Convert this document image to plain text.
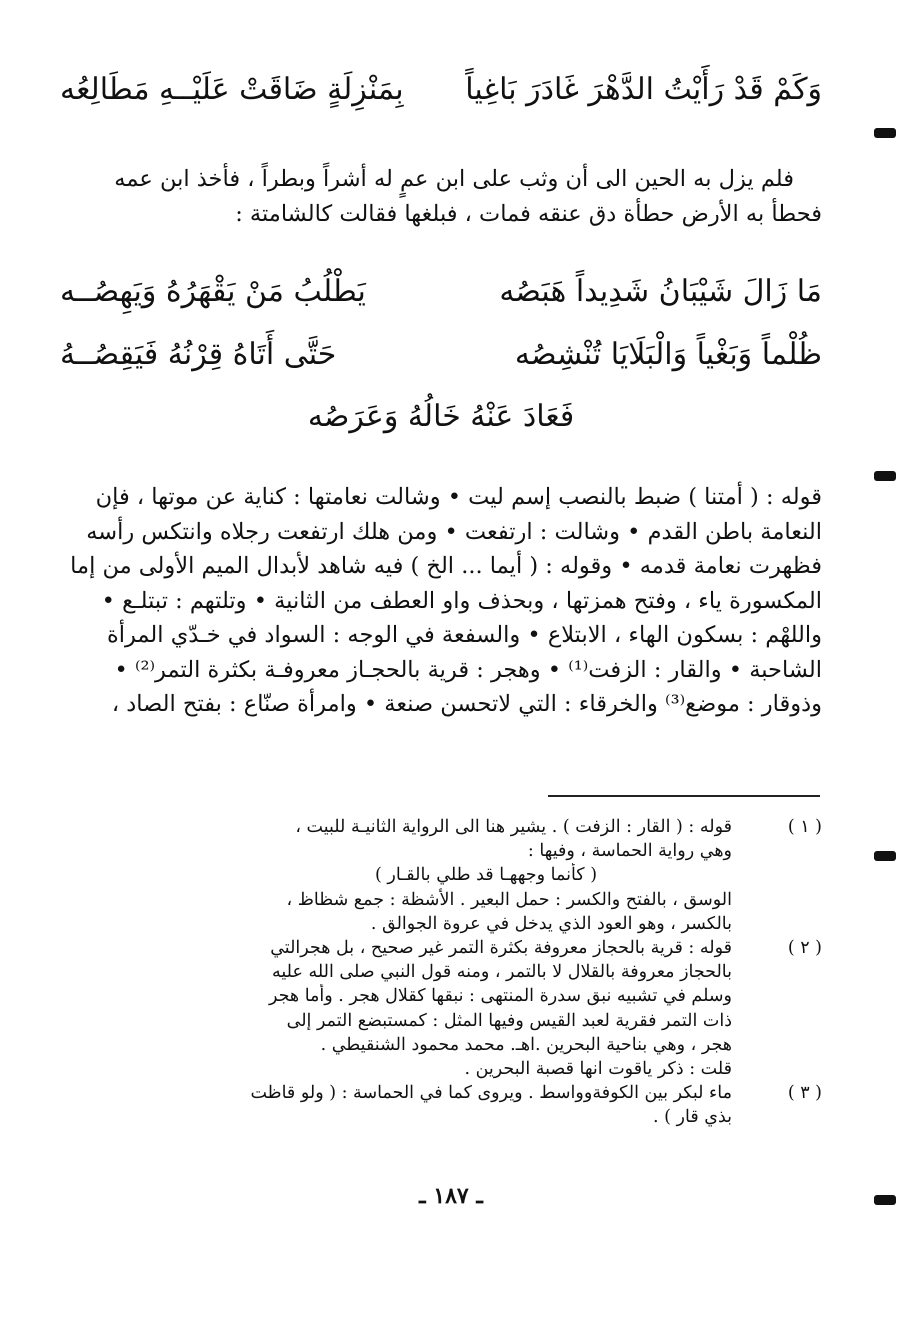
وَكَمْ قَدْ رَأَيْتُ الدَّهْرَ غَادَرَ بَاغِياً
بِمَنْزِلَةٍ ضَاقَتْ عَلَيْــهِ مَطَالِعُه

فلم يزل به الحين الى أن وثب على ابن عمٍ له أشراً وبطراً ، فأخذ ابن عمه

فحطأ به الأرض حطأة دق عنقه فمات ، فبلغها فقالت كالشامتة :

مَا زَالَ شَيْبَانُ شَدِيداً هَبَصُه
يَطْلُبُ مَنْ يَقْهَرُهُ وَيَهِصُــه
ظُلْماً وَبَغْياً وَالْبَلَايَا تُنْشِصُه
حَتَّى أَتَاهُ قِرْنُهُ فَيَقِصُــهُ
فَعَادَ عَنْهُ خَالُهُ وَعَرَصُه

قوله : ( أمتنا ) ضبط بالنصب إسم ليت • وشالت نعامتها : كناية عن موتها ، فإن

النعامة باطن القدم • وشالت : ارتفعت • ومن هلك ارتفعت رجلاه وانتكس رأسه

فظهرت نعامة قدمه • وقوله : ( أيما ... الخ ) فيه شاهد لأبدال الميم الأولى من إما

المكسورة ياء ، وفتح همزتها ، وبحذف واو العطف من الثانية • وتلتهم : تبتلـع •

واللهْم : بسكون الهاء ، الابتلاع • والسفعة في الوجه : السواد في خـدّي المرأة

الشاحبة • والقار : الزفت⁽¹⁾ • وهجر : قرية بالحجـاز معروفـة بكثرة التمر⁽²⁾ •

وذوقار : موضع⁽³⁾ والخرقاء : التي لاتحسن صنعة • وامرأة صنّاع : بفتح الصاد ،

( ١ )
قوله : ( القار : الزفت ) . يشير هنا الى الرواية الثانيـة للبيت ،
وهي رواية الحماسة ، وفيها :
( كأنما وجههـا قد طلي بالقـار )
الوسق ، بالفتح والكسر : حمل البعير . الأشظة : جمع شظاظ ،
بالكسر ، وهو العود الذي يدخل في عروة الجوالق .
( ٢ )
قوله : قرية بالحجاز معروفة بكثرة التمر غير صحيح ، بل هجرالتي
بالحجاز معروفة بالقلال لا بالتمر ، ومنه قول النبي صلى الله عليه
وسلم في تشبيه نبق سدرة المنتهى : نبقها كقلال هجر . وأما هجر
ذات التمر فقرية لعبد القيس وفيها المثل : كمستبضع التمر إلى
هجر ، وهي بناحية البحرين .اهـ. محمد محمود الشنقيطي .
قلت : ذكر ياقوت انها قصبة البحرين .
( ٣ )
ماء لبكر بين الكوفةوواسط . ويروى كما في الحماسة : ( ولو قاظت
بذي قار ) .
ـ ١٨٧ ـ
